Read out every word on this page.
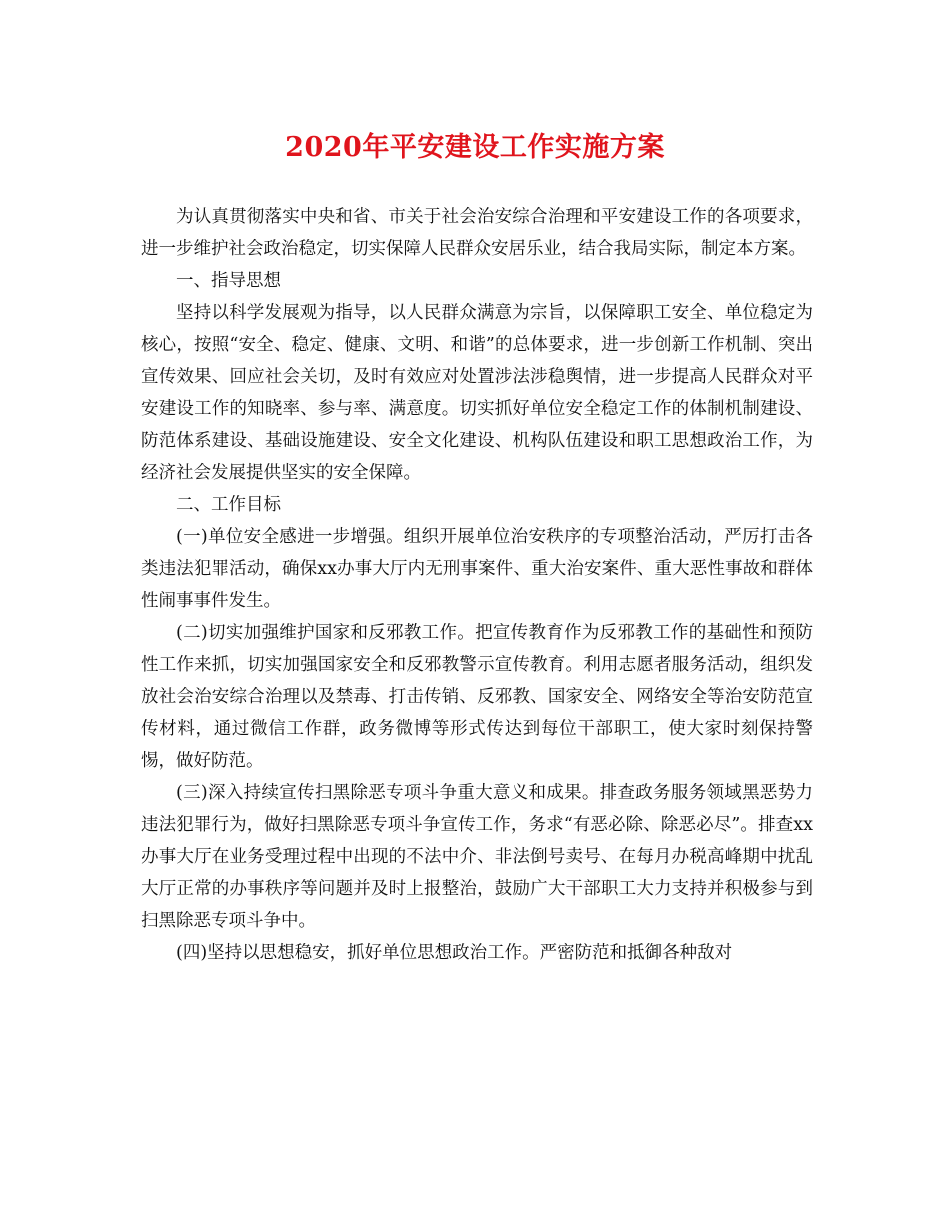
2020年平安建设工作实施方案

为认真贯彻落实中央和省、市关于社会治安综合治理和平安建设工作的各项要求，进一步维护社会政治稳定，切实保障人民群众安居乐业，结合我局实际，制定本方案。

一、指导思想

坚持以科学发展观为指导，以人民群众满意为宗旨，以保障职工安全、单位稳定为核心，按照“安全、稳定、健康、文明、和谐”的总体要求，进一步创新工作机制、突出宣传效果、回应社会关切，及时有效应对处置涉法涉稳舆情，进一步提高人民群众对平安建设工作的知晓率、参与率、满意度。切实抓好单位安全稳定工作的体制机制建设、防范体系建设、基础设施建设、安全文化建设、机构队伍建设和职工思想政治工作，为经济社会发展提供坚实的安全保障。

二、工作目标

(一)单位安全感进一步增强。组织开展单位治安秩序的专项整治活动，严厉打击各类违法犯罪活动，确保xx办事大厅内无刑事案件、重大治安案件、重大恶性事故和群体性闹事事件发生。

(二)切实加强维护国家和反邪教工作。把宣传教育作为反邪教工作的基础性和预防性工作来抓，切实加强国家安全和反邪教警示宣传教育。利用志愿者服务活动，组织发放社会治安综合治理以及禁毒、打击传销、反邪教、国家安全、网络安全等治安防范宣传材料，通过微信工作群，政务微博等形式传达到每位干部职工，使大家时刻保持警惕，做好防范。

(三)深入持续宣传扫黑除恶专项斗争重大意义和成果。排查政务服务领域黑恶势力违法犯罪行为，做好扫黑除恶专项斗争宣传工作，务求“有恶必除、除恶必尽”。排查xx办事大厅在业务受理过程中出现的不法中介、非法倒号卖号、在每月办税高峰期中扰乱大厅正常的办事秩序等问题并及时上报整治，鼓励广大干部职工大力支持并积极参与到扫黑除恶专项斗争中。

(四)坚持以思想稳安，抓好单位思想政治工作。严密防范和抵御各种敌对
